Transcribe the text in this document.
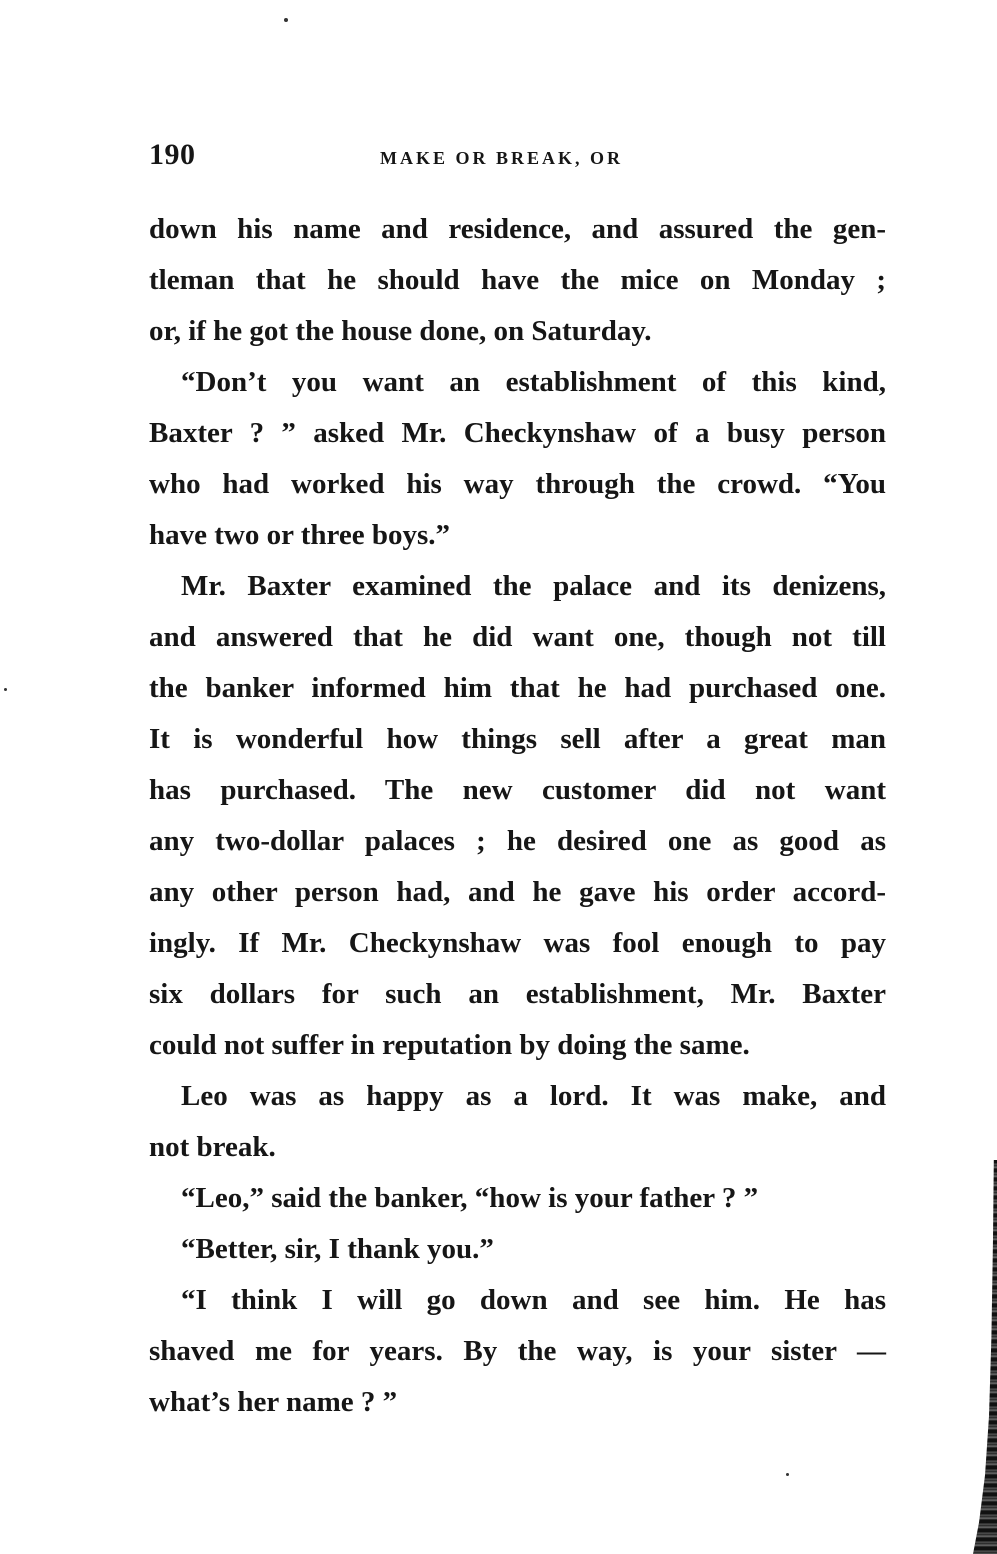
190	MAKE OR BREAK, OR
down his name and residence, and assured the gen-
tleman that he should have the mice on Monday ;
or, if he got the house done, on Saturday.
“Don’t you want an establishment of this kind,
Baxter ? ” asked Mr. Checkynshaw of a busy person
who had worked his way through the crowd. “You
have two or three boys.”
Mr. Baxter examined the palace and its denizens,
and answered that he did want one, though not till
the banker informed him that he had purchased one.
It is wonderful how things sell after a great man
has purchased. The new customer did not want
any two-dollar palaces ; he desired one as good as
any other person had, and he gave his order accord-
ingly. If Mr. Checkynshaw was fool enough to pay
six dollars for such an establishment, Mr. Baxter
could not suffer in reputation by doing the same.
Leo was as happy as a lord. It was make, and
not break.
“Leo,” said the banker, “how is your father ? ”
“Better, sir, I thank you.”
“I think I will go down and see him. He has
shaved me for years. By the way, is your sister —
what’s her name ? ”
